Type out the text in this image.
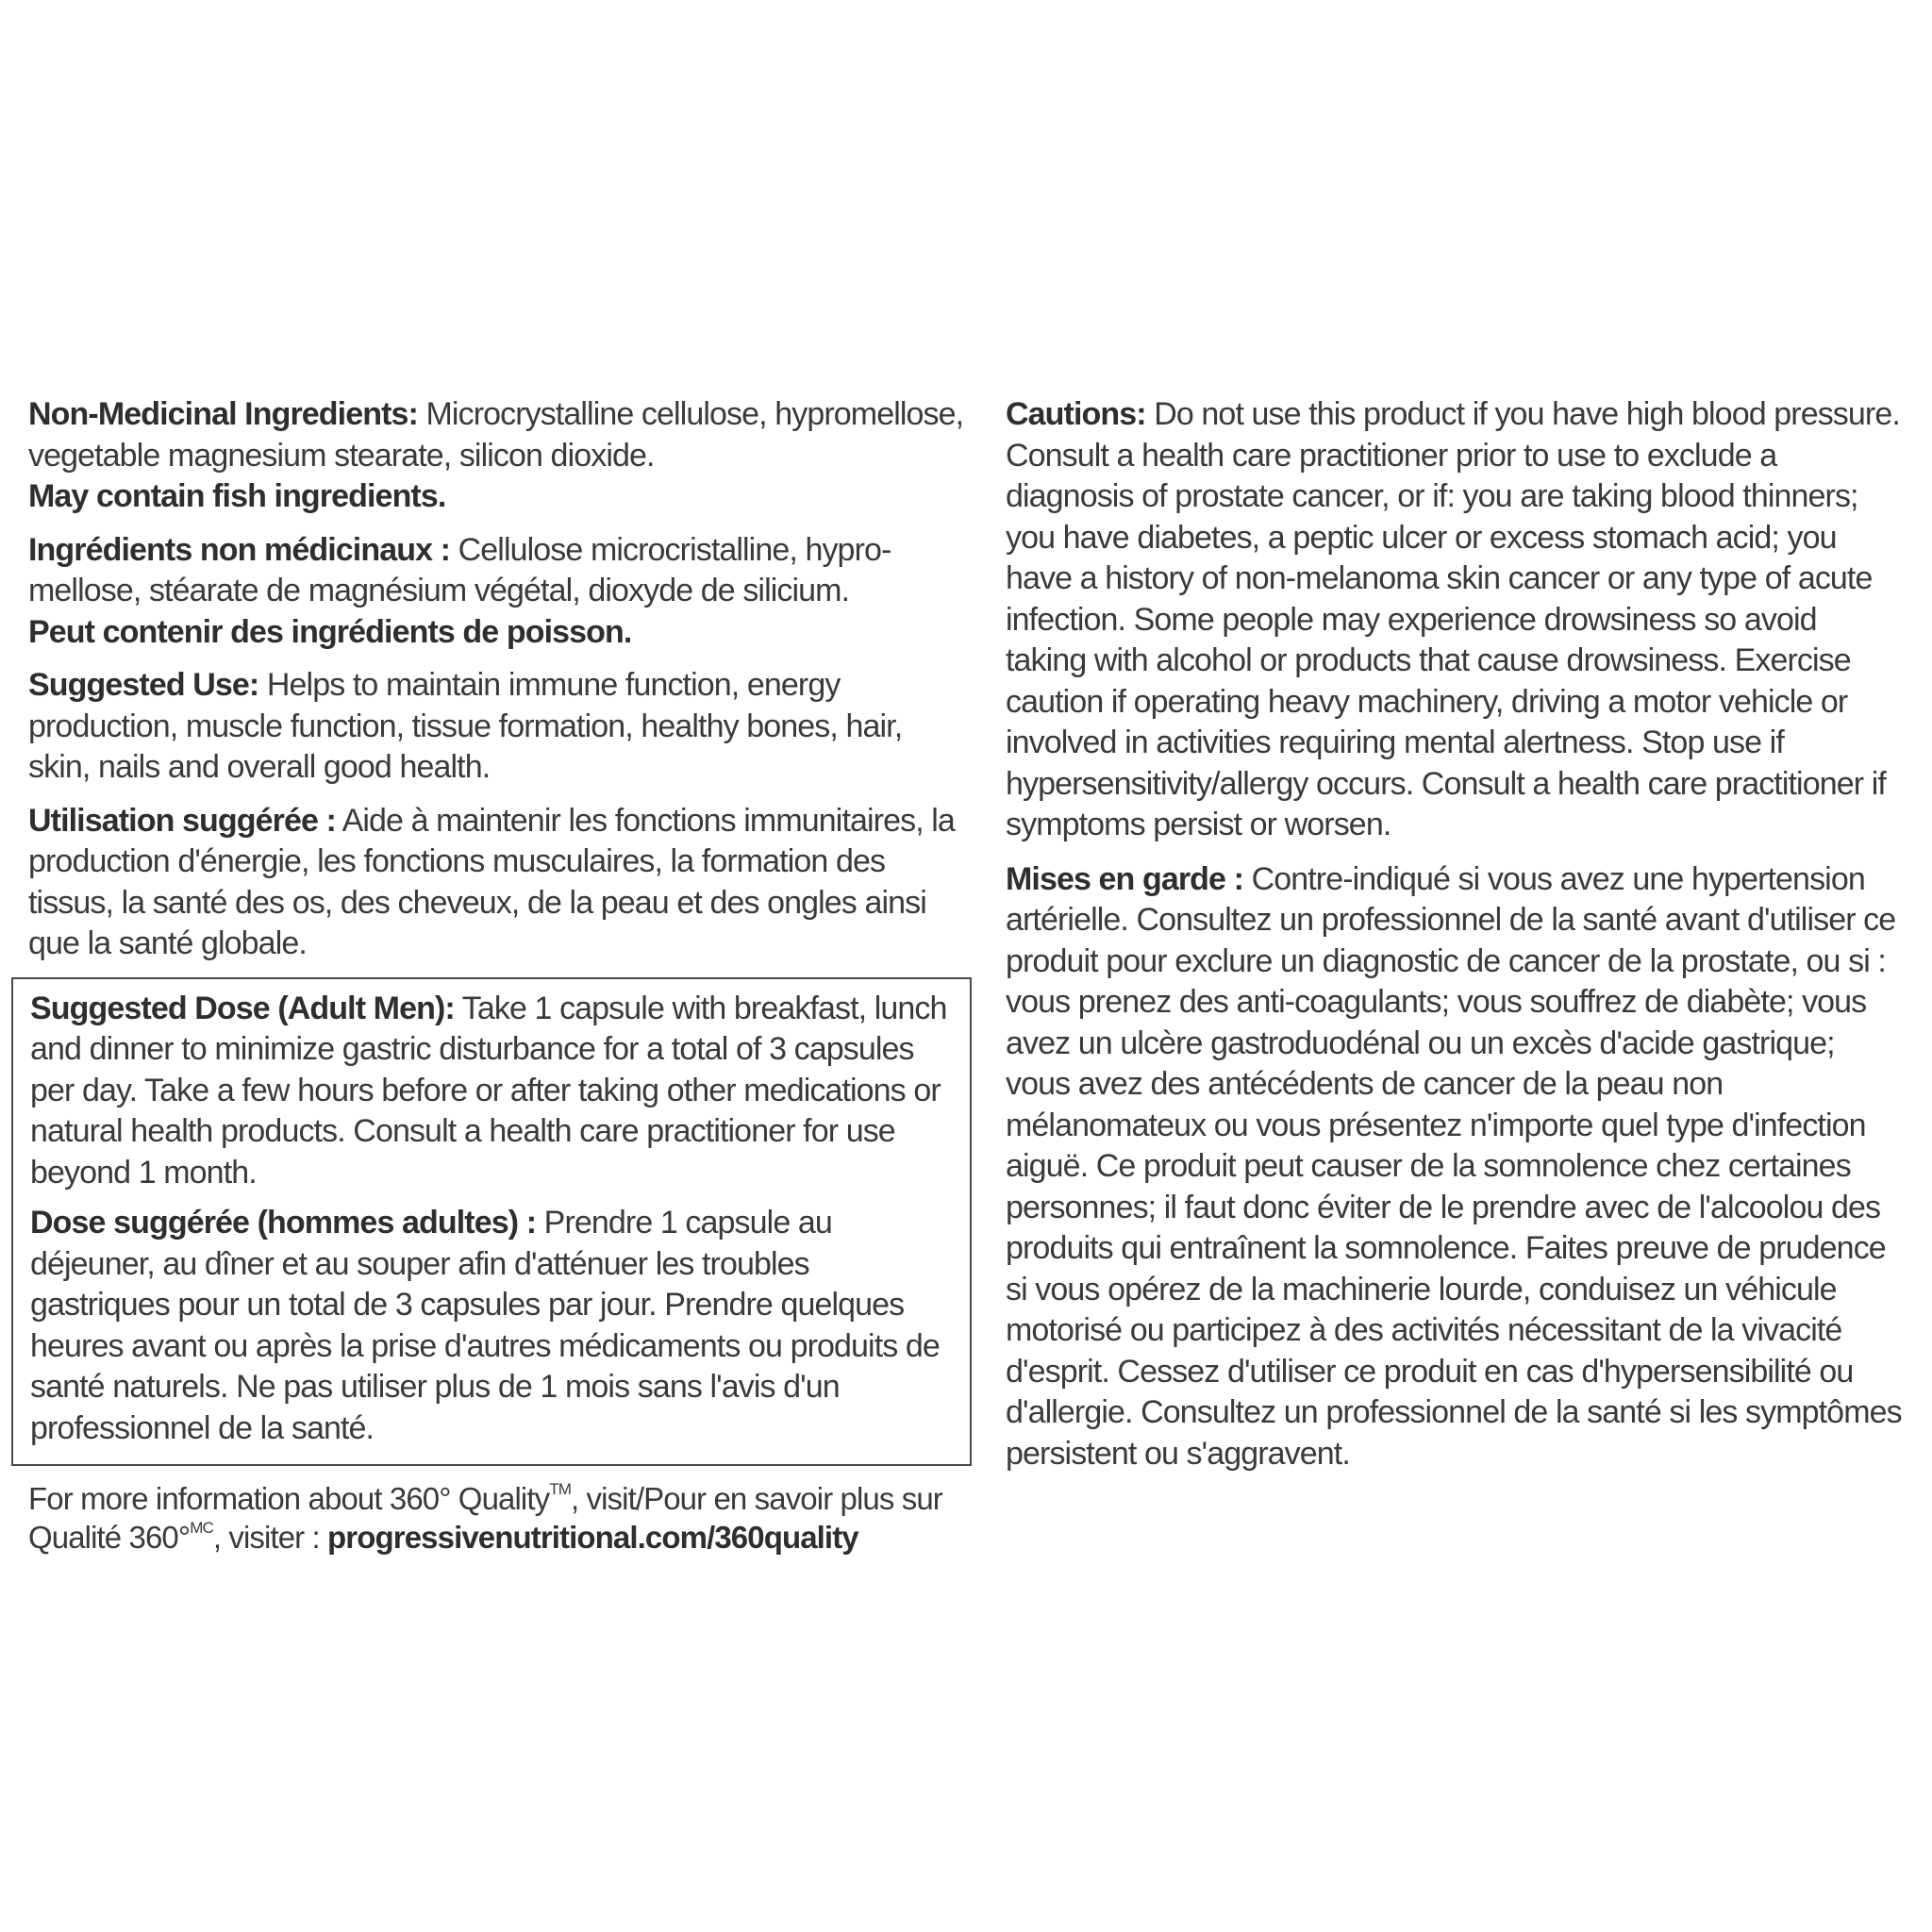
Non-Medicinal Ingredients: Microcrystalline cellulose, hypromellose, vegetable magnesium stearate, silicon dioxide.
May contain fish ingredients.

Ingrédients non médicinaux : Cellulose microcristalline, hypro-mellose, stéarate de magnésium végétal, dioxyde de silicium.
Peut contenir des ingrédients de poisson.

Suggested Use: Helps to maintain immune function, energy production, muscle function, tissue formation, healthy bones, hair, skin, nails and overall good health.

Utilisation suggérée : Aide à maintenir les fonctions immunitaires, la production d'énergie, les fonctions musculaires, la formation des tissus, la santé des os, des cheveux, de la peau et des ongles ainsi que la santé globale.

Suggested Dose (Adult Men): Take 1 capsule with breakfast, lunch and dinner to minimize gastric disturbance for a total of 3 capsules per day. Take a few hours before or after taking other medications or natural health products. Consult a health care practitioner for use beyond 1 month.

Dose suggérée (hommes adultes) : Prendre 1 capsule au déjeuner, au dîner et au souper afin d'atténuer les troubles gastriques pour un total de 3 capsules par jour. Prendre quelques heures avant ou après la prise d'autres médicaments ou produits de santé naturels. Ne pas utiliser plus de 1 mois sans l'avis d'un professionnel de la santé.

For more information about 360° Quality™, visit/Pour en savoir plus sur Qualité 360°$^{MC}$, visiter : progressivenutritional.com/360quality

Cautions: Do not use this product if you have high blood pressure. Consult a health care practitioner prior to use to exclude a diagnosis of prostate cancer, or if: you are taking blood thinners; you have diabetes, a peptic ulcer or excess stomach acid; you have a history of non-melanoma skin cancer or any type of acute infection. Some people may experience drowsiness so avoid taking with alcohol or products that cause drowsiness. Exercise caution if operating heavy machinery, driving a motor vehicle or involved in activities requiring mental alertness. Stop use if hypersensitivity/allergy occurs. Consult a health care practitioner if symptoms persist or worsen.

Mises en garde : Contre-indiqué si vous avez une hypertension artérielle. Consultez un professionnel de la santé avant d'utiliser ce produit pour exclure un diagnostic de cancer de la prostate, ou si : vous prenez des anti-coagulants; vous souffrez de diabète; vous avez un ulcère gastroduodénal ou un excès d'acide gastrique; vous avez des antécédents de cancer de la peau non mélanomateux ou vous présentez n'importe quel type d'infection aiguë. Ce produit peut causer de la somnolence chez certaines personnes; il faut donc éviter de le prendre avec de l'alcoolou des produits qui entraînent la somnolence. Faites preuve de prudence si vous opérez de la machinerie lourde, conduisez un véhicule motorisé ou participez à des activités nécessitant de la vivacité d'esprit. Cessez d'utiliser ce produit en cas d'hypersensibilité ou d'allergie. Consultez un professionnel de la santé si les symptômes persistent ou s'aggravent.
